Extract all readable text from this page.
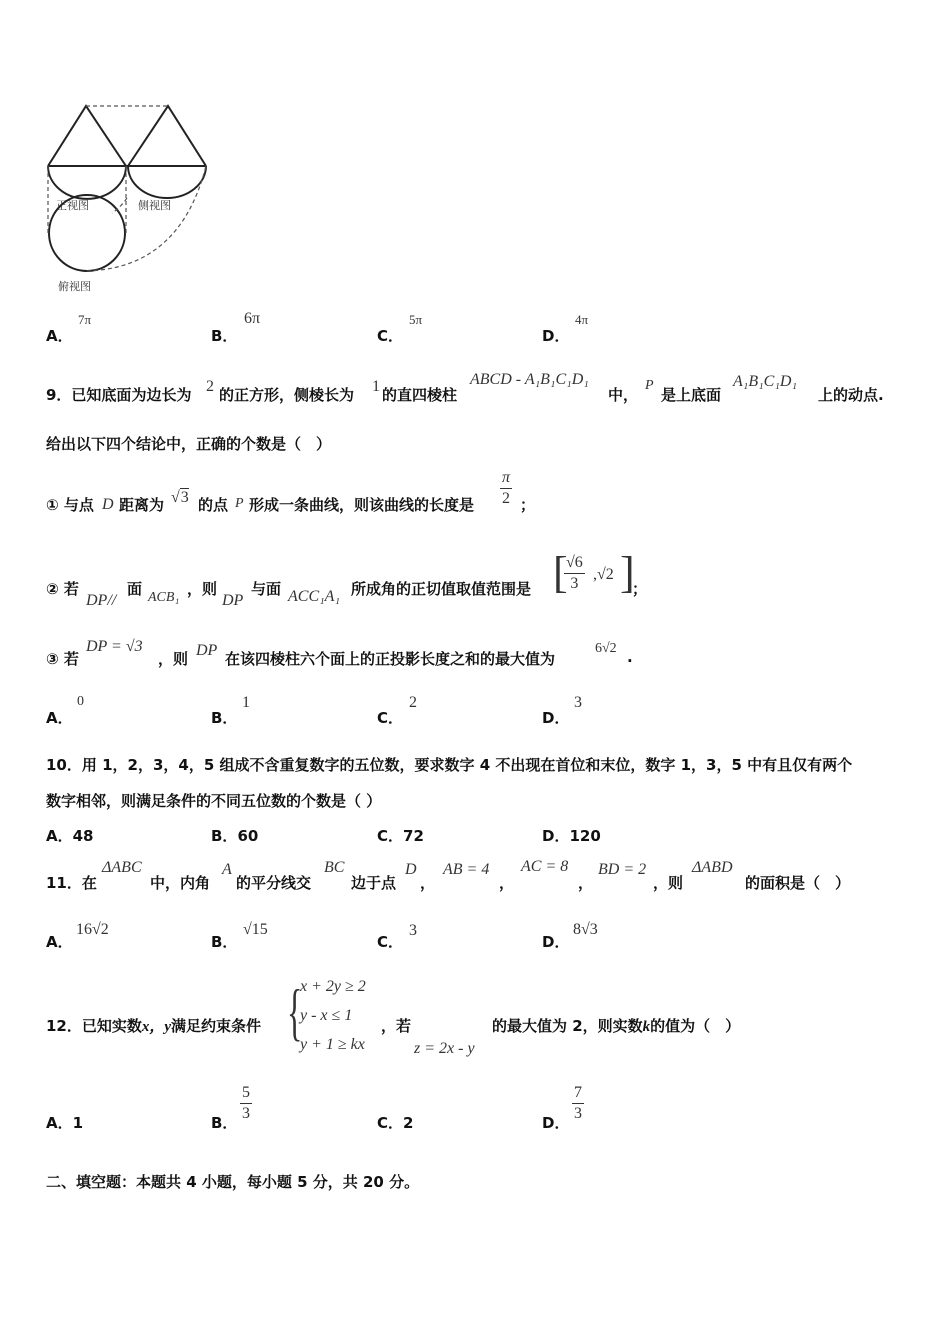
正视图	侧视图
俯视图
A．
7π
B．
6π
C．
5π
D．
4π
9．已知底面为边长为 2 的正方形，侧棱长为 1 的直四棱柱
ABCD - A₁B₁C₁D₁
中，
P
是上底面
A₁B₁C₁D₁
上的动点.
给出以下四个结论中，正确的个数是（　）
① 与点 D 距离为 √3 的点 P 形成一条曲线，则该曲线的长度是 $\frac{\pi}{2}$ ；
② 若
DP//
面 ACB₁ ，则
DP
与面 ACC₁A₁ 所成角的正切值取值范围是 [
$\frac{√6}{3} ,√2$ ]
；
③ 若
DP = √3
，则 DP 在该四棱柱六个面上的正投影长度之和的最大值为
6√2 .
A．
0
B．
1
C．
2
D．
3
10．用 1，2，3，4，5 组成不含重复数字的五位数，要求数字 4 不出现在首位和末位，数字 1，3，5 中有且仅有两个
数字相邻，则满足条件的不同五位数的个数是（ ）
A．48	B．60	C．72	D．120
11．在
ΔABC
中，内角
A
的平分线交
BC
边于点
D
，
AB = 4
，
AC = 8
，
BD = 2
，则
ΔABD
的面积是（　）
A．
16√2
B．
√15
C．
3
D．
8√3
12．已知实数x，y满足约束条件 {
x + 2y ≥ 2
y - x ≤ 1
y + 1 ≥ kx
，若
z = 2x - y
的最大值为 2，则实数k的值为（　）
A．1	B． $\frac{5}{3}$	C．2	D． $\frac{7}{3}$
二、填空题：本题共 4 小题，每小题 5 分，共 20 分。
